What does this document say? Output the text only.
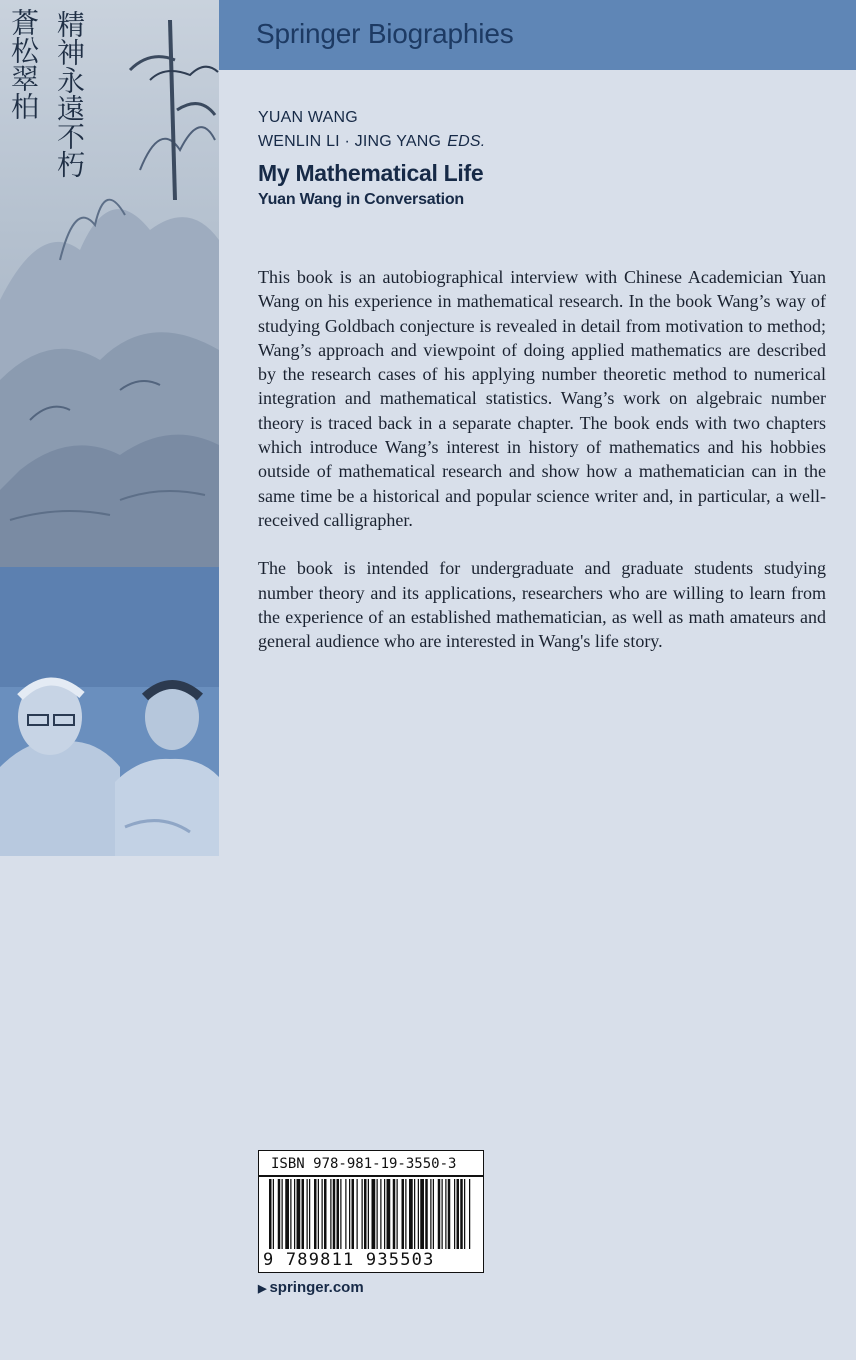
Springer Biographies
精神永遠不朽
蒼松翠柏	YUAN WANG
WENLIN LI · JING YANG EDS.
My Mathematical Life
Yuan Wang in Conversation

This book is an autobiographical interview with Chinese Academician Yuan Wang on his experience in mathematical research. In the book Wang’s way of studying Goldbach conjecture is revealed in detail from motivation to method; Wang’s approach and viewpoint of doing applied mathematics are described by the research cases of his applying number theoretic method to numerical integration and mathematical statistics. Wang’s work on algebraic number theory is traced back in a separate chapter. The book ends with two chapters which introduce Wang’s interest in history of mathematics and his hobbies outside of mathematical research and show how a mathematician can in the same time be a historical and popular science writer and, in particular, a well-received calligrapher.

The book is intended for undergraduate and graduate students studying number theory and its applications, researchers who are willing to learn from the experience of an established mathematician, as well as math amateurs and general audience who are interested in Wang's life story.

ISBN 978-981-19-3550-3
9 789811 935503
▶ springer.com
